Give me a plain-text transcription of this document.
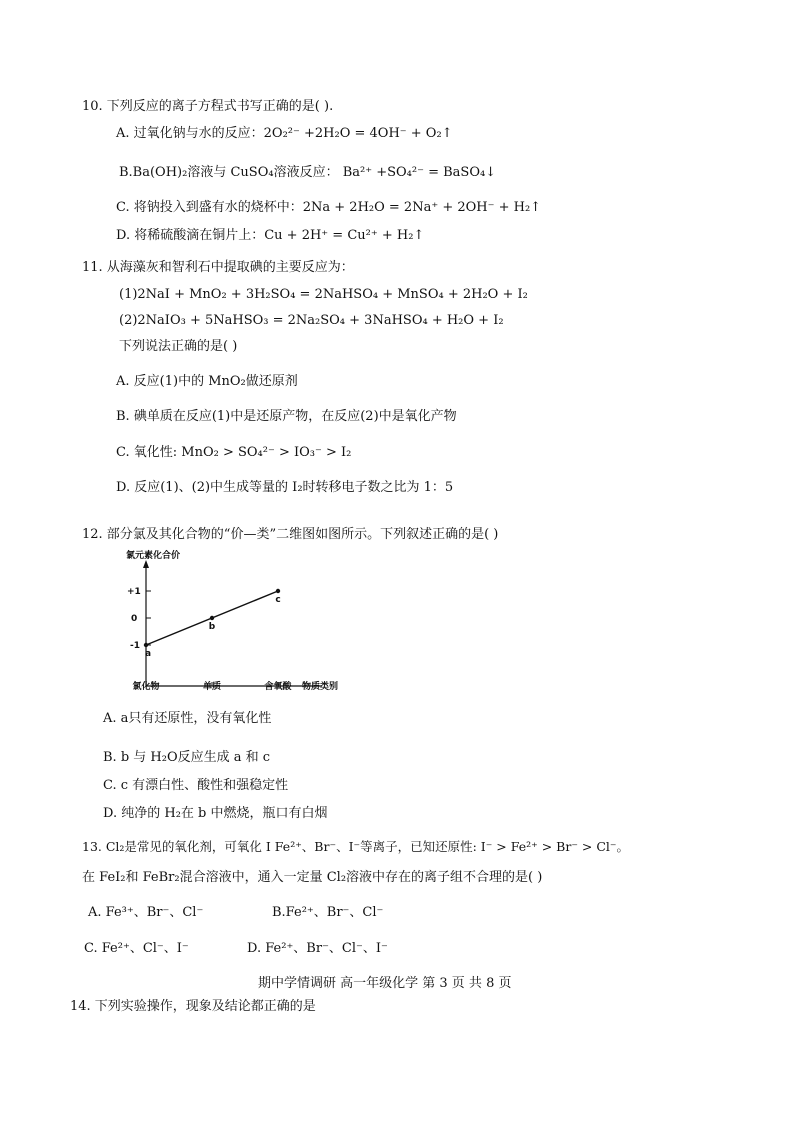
10. 下列反应的离子方程式书写正确的是( ).
A. 过氧化钠与水的反应：2O₂²⁻ +2H₂O = 4OH⁻ + O₂↑
B.Ba(OH)₂溶液与 CuSO₄溶液反应： Ba²⁺ +SO₄²⁻ = BaSO₄↓
C. 将钠投入到盛有水的烧杯中：2Na + 2H₂O = 2Na⁺ + 2OH⁻ + H₂↑
D. 将稀硫酸滴在铜片上：Cu + 2H⁺ = Cu²⁺ + H₂↑
11. 从海藻灰和智利石中提取碘的主要反应为：
(1)2NaI + MnO₂ + 3H₂SO₄ = 2NaHSO₄ + MnSO₄ + 2H₂O + I₂
(2)2NaIO₃ + 5NaHSO₃ = 2Na₂SO₄ + 3NaHSO₄ + H₂O + I₂
下列说法正确的是( )
A. 反应(1)中的 MnO₂做还原剂
B. 碘单质在反应(1)中是还原产物，在反应(2)中是氧化产物
C. 氧化性: MnO₂ > SO₄²⁻ > IO₃⁻ > I₂
D. 反应(1)、(2)中生成等量的 I₂时转移电子数之比为 1：5
12. 部分氯及其化合物的“价—类”二维图如图所示。下列叙述正确的是( )
氯元素化合价
物质类别
+1
0
-1
氯化物	单质	含氧酸
a
b
c
A. a只有还原性，没有氧化性
B. b 与 H₂O反应生成 a 和 c
C. c 有漂白性、酸性和强稳定性
D. 纯净的 H₂在 b 中燃烧，瓶口有白烟
13. Cl₂是常见的氧化剂，可氧化 I Fe²⁺、Br⁻、I⁻等离子，已知还原性: I⁻ > Fe²⁺ > Br⁻ > Cl⁻。
在 FeI₂和 FeBr₂混合溶液中，通入一定量 Cl₂溶液中存在的离子组不合理的是( )
A. Fe³⁺、Br⁻、Cl⁻	B.Fe²⁺、Br⁻、Cl⁻
C. Fe²⁺、Cl⁻、I⁻	D. Fe²⁺、Br⁻、Cl⁻、I⁻
期中学情调研 高一年级化学 第 3 页 共 8 页
14. 下列实验操作，现象及结论都正确的是
